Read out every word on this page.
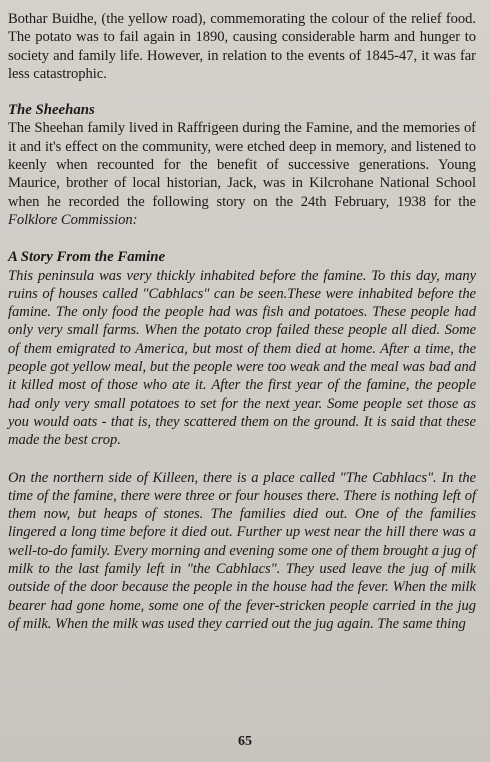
Bothar Buidhe, (the yellow road), commemorating the colour of the relief food. The potato was to fail again in 1890, causing considerable harm and hunger to society and family life. However, in relation to the events of 1845-47, it was far less catastrophic.

The Sheehans

The Sheehan family lived in Raffrigeen during the Famine, and the memories of it and it's effect on the community, were etched deep in memory, and listened to keenly when recounted for the benefit of successive generations. Young Maurice, brother of local historian, Jack, was in Kilcrohane National School when he recorded the following story on the 24th February, 1938 for the Folklore Commission:

A Story From the Famine

This peninsula was very thickly inhabited before the famine. To this day, many ruins of houses called "Cabhlacs" can be seen.These were inhabited before the famine. The only food the people had was fish and potatoes. These people had only very small farms. When the potato crop failed these people all died. Some of them emigrated to America, but most of them died at home. After a time, the people got yellow meal, but the people were too weak and the meal was bad and it killed most of those who ate it. After the first year of the famine, the people had only very small potatoes to set for the next year. Some people set those as you would oats - that is, they scattered them on the ground. It is said that these made the best crop.

On the northern side of Killeen, there is a place called "The Cabhlacs". In the time of the famine, there were three or four houses there. There is nothing left of them now, but heaps of stones. The families died out. One of the families lingered a long time before it died out. Further up west near the hill there was a well-to-do family. Every morning and evening some one of them brought a jug of milk to the last family left in "the Cabhlacs". They used leave the jug of milk outside of the door because the people in the house had the fever. When the milk bearer had gone home, some one of the fever-stricken people carried in the jug of milk. When the milk was used they carried out the jug again. The same thing

65
